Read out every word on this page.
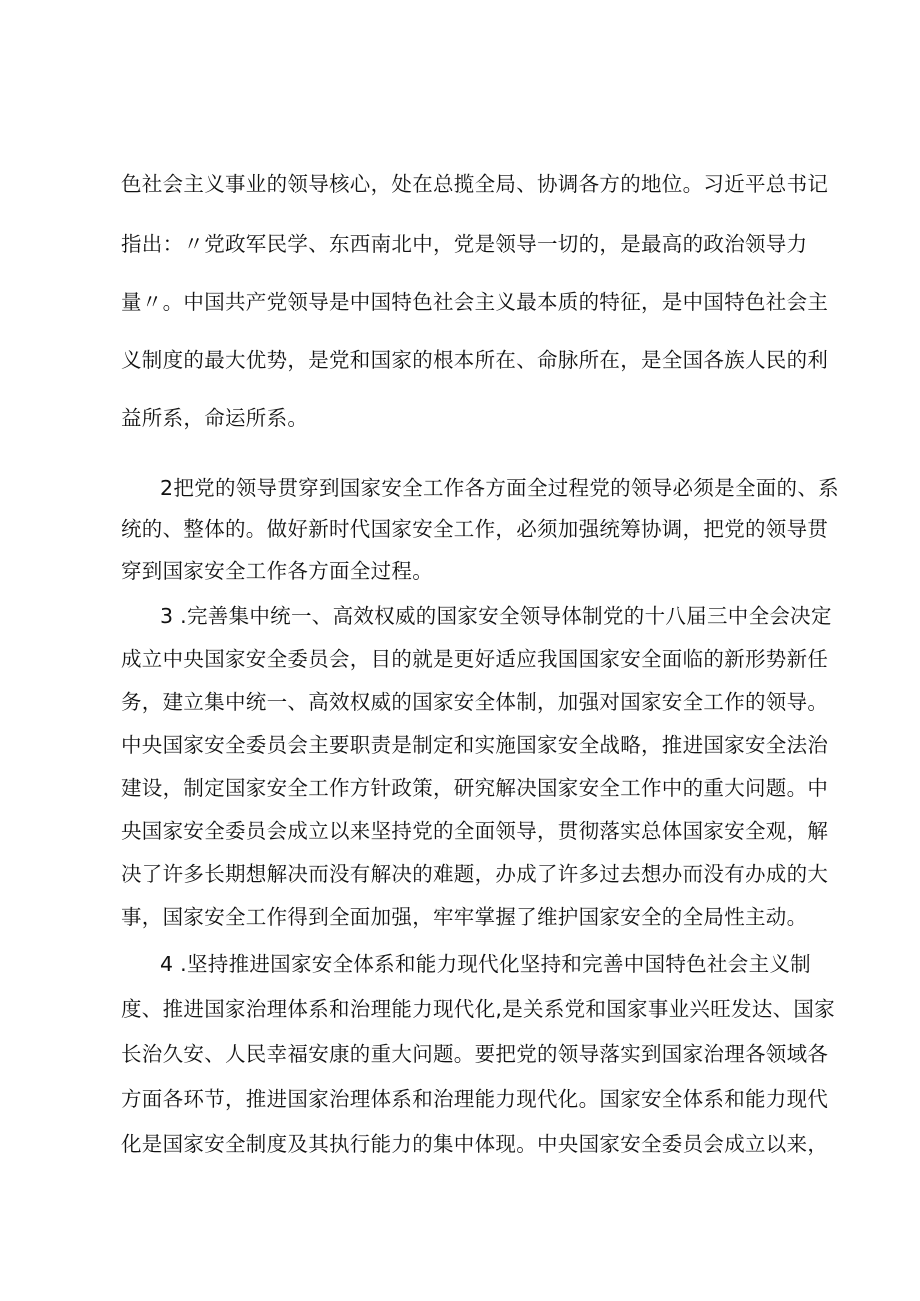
色社会主义事业的领导核心，处在总揽全局、协调各方的地位。习近平总书记
指出：〃党政军民学、东西南北中，党是领导一切的，是最高的政治领导力
量〃。中国共产党领导是中国特色社会主义最本质的特征，是中国特色社会主
义制度的最大优势，是党和国家的根本所在、命脉所在，是全国各族人民的利
益所系，命运所系。
2把党的领导贯穿到国家安全工作各方面全过程党的领导必须是全面的、系
统的、整体的。做好新时代国家安全工作，必须加强统筹协调，把党的领导贯
穿到国家安全工作各方面全过程。
3 .完善集中统一、高效权威的国家安全领导体制党的十八届三中全会决定
成立中央国家安全委员会，目的就是更好适应我国国家安全面临的新形势新任
务，建立集中统一、高效权威的国家安全体制，加强对国家安全工作的领导。
中央国家安全委员会主要职责是制定和实施国家安全战略，推进国家安全法治
建设，制定国家安全工作方针政策，研究解决国家安全工作中的重大问题。中
央国家安全委员会成立以来坚持党的全面领导，贯彻落实总体国家安全观，解
决了许多长期想解决而没有解决的难题，办成了许多过去想办而没有办成的大
事，国家安全工作得到全面加强，牢牢掌握了维护国家安全的全局性主动。
4 .坚持推进国家安全体系和能力现代化坚持和完善中国特色社会主义制
度、推进国家治理体系和治理能力现代化,是关系党和国家事业兴旺发达、国家
长治久安、人民幸福安康的重大问题。要把党的领导落实到国家治理各领域各
方面各环节，推进国家治理体系和治理能力现代化。国家安全体系和能力现代
化是国家安全制度及其执行能力的集中体现。中央国家安全委员会成立以来，
